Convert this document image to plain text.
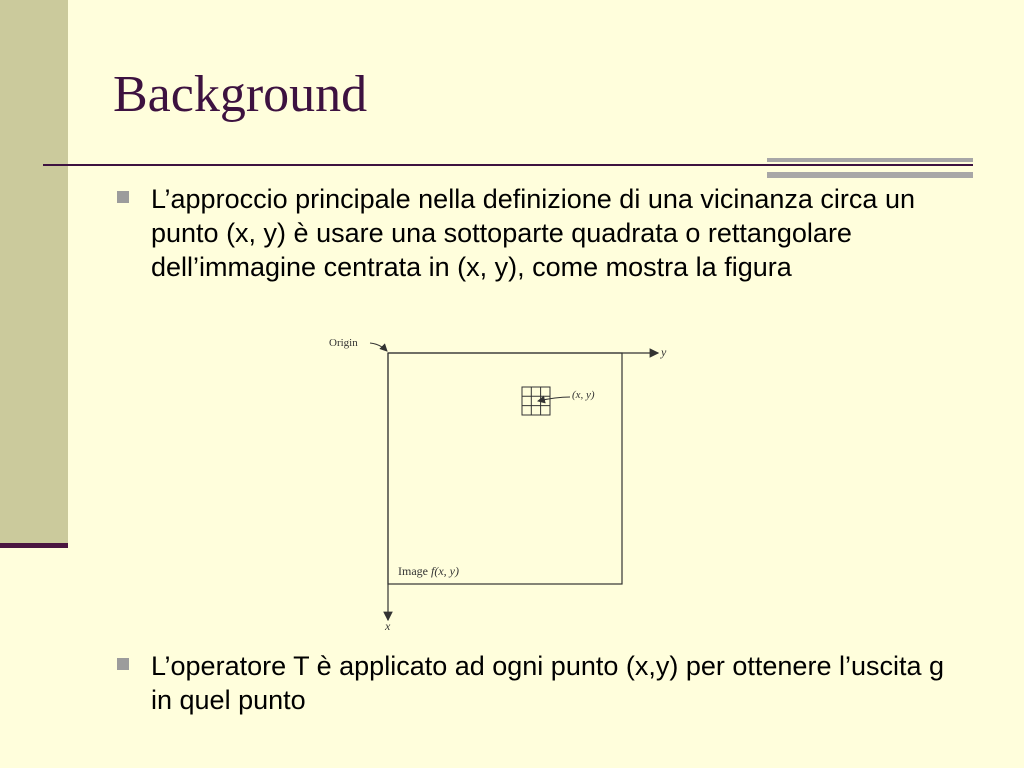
Background
L’approccio principale nella definizione di una vicinanza circa un punto (x, y) è usare una sottoparte quadrata o rettangolare dell’immagine centrata in (x, y), come mostra la figura
Origin
y
x
(x, y)
Image f(x, y)
L’operatore T è applicato ad ogni punto (x,y) per ottenere l’uscita g in quel punto
